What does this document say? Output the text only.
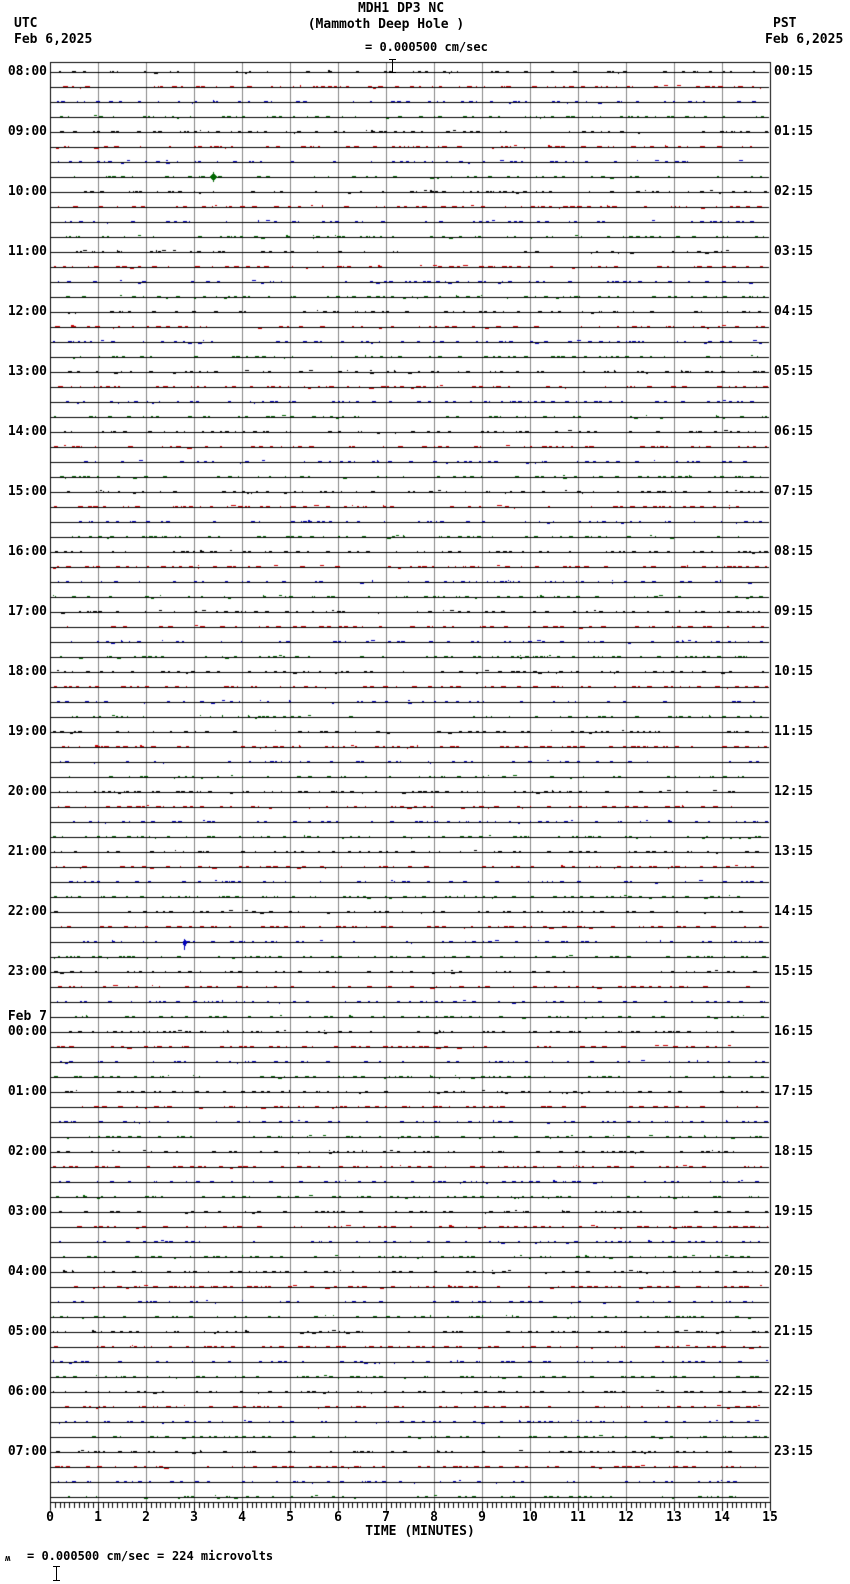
UTC
Feb 6,2025
MDH1 DP3 NC
(Mammoth Deep Hole )

= 0.000500 cm/sec
PST
Feb 6,2025
08:00
09:00
10:00
11:00
12:00
13:00
14:00
15:00
16:00
17:00
18:00
19:00
20:00
21:00
22:00
23:00
Feb 7
00:00
01:00
02:00
03:00
04:00
05:00
06:00
07:00
00:15
01:15
02:15
03:15
04:15
05:15
06:15
07:15
08:15
09:15
10:15
11:15
12:15
13:15
14:15
15:15
16:15
17:15
18:15
19:15
20:15
21:15
22:15
23:15
0	1	2	3	4	5	6	7	8	9	10	11	12	13	14	15
TIME (MINUTES)
ʍ

= 0.000500 cm/sec = 224 microvolts
